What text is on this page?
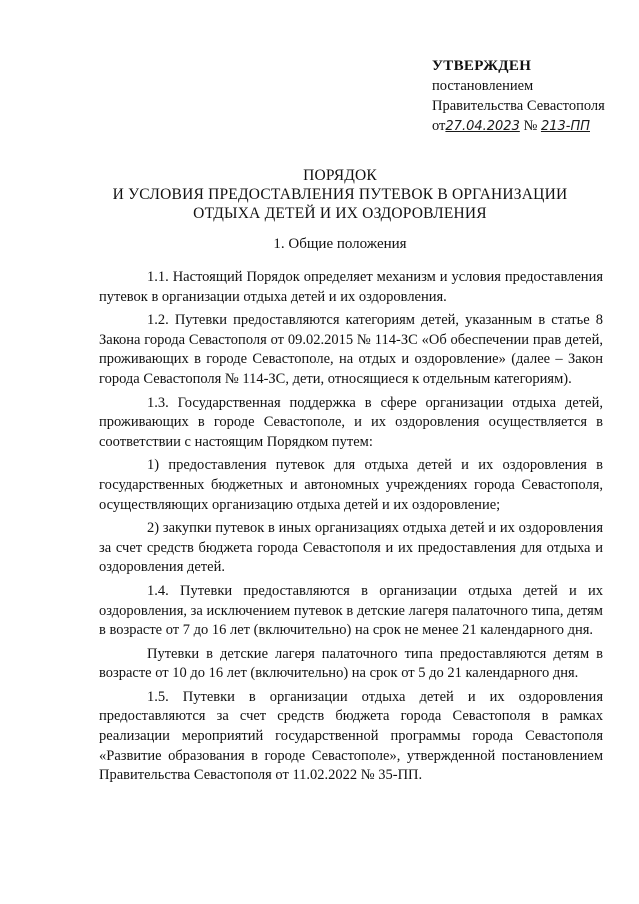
УТВЕРЖДЕН
постановлением
Правительства Севастополя
от27.04.2023 № 213-ПП
ПОРЯДОК
И УСЛОВИЯ ПРЕДОСТАВЛЕНИЯ ПУТЕВОК В ОРГАНИЗАЦИИ
ОТДЫХА ДЕТЕЙ И ИХ ОЗДОРОВЛЕНИЯ
1. Общие положения

1.1. Настоящий Порядок определяет механизм и условия предоставления путевок в организации отдыха детей и их оздоровления.

1.2. Путевки предоставляются категориям детей, указанным в статье 8 Закона города Севастополя от 09.02.2015 № 114-ЗС «Об обеспечении прав детей, проживающих в городе Севастополе, на отдых и оздоровление» (далее – Закон города Севастополя № 114-ЗС, дети, относящиеся к отдельным категориям).

1.3. Государственная поддержка в сфере организации отдыха детей, проживающих в городе Севастополе, и их оздоровления осуществляется в соответствии с настоящим Порядком путем:

1) предоставления путевок для отдыха детей и их оздоровления в государственных бюджетных и автономных учреждениях города Севастополя, осуществляющих организацию отдыха детей и их оздоровление;

2) закупки путевок в иных организациях отдыха детей и их оздоровления за счет средств бюджета города Севастополя и их предоставления для отдыха и оздоровления детей.

1.4. Путевки предоставляются в организации отдыха детей и их оздоровления, за исключением путевок в детские лагеря палаточного типа, детям в возрасте от 7 до 16 лет (включительно) на срок не менее 21 календарного дня.

Путевки в детские лагеря палаточного типа предоставляются детям в возрасте от 10 до 16 лет (включительно) на срок от 5 до 21 календарного дня.

1.5. Путевки в организации отдыха детей и их оздоровления предоставляются за счет средств бюджета города Севастополя в рамках реализации мероприятий государственной программы города Севастополя «Развитие образования в городе Севастополе», утвержденной постановлением Правительства Севастополя от 11.02.2022 № 35-ПП.
